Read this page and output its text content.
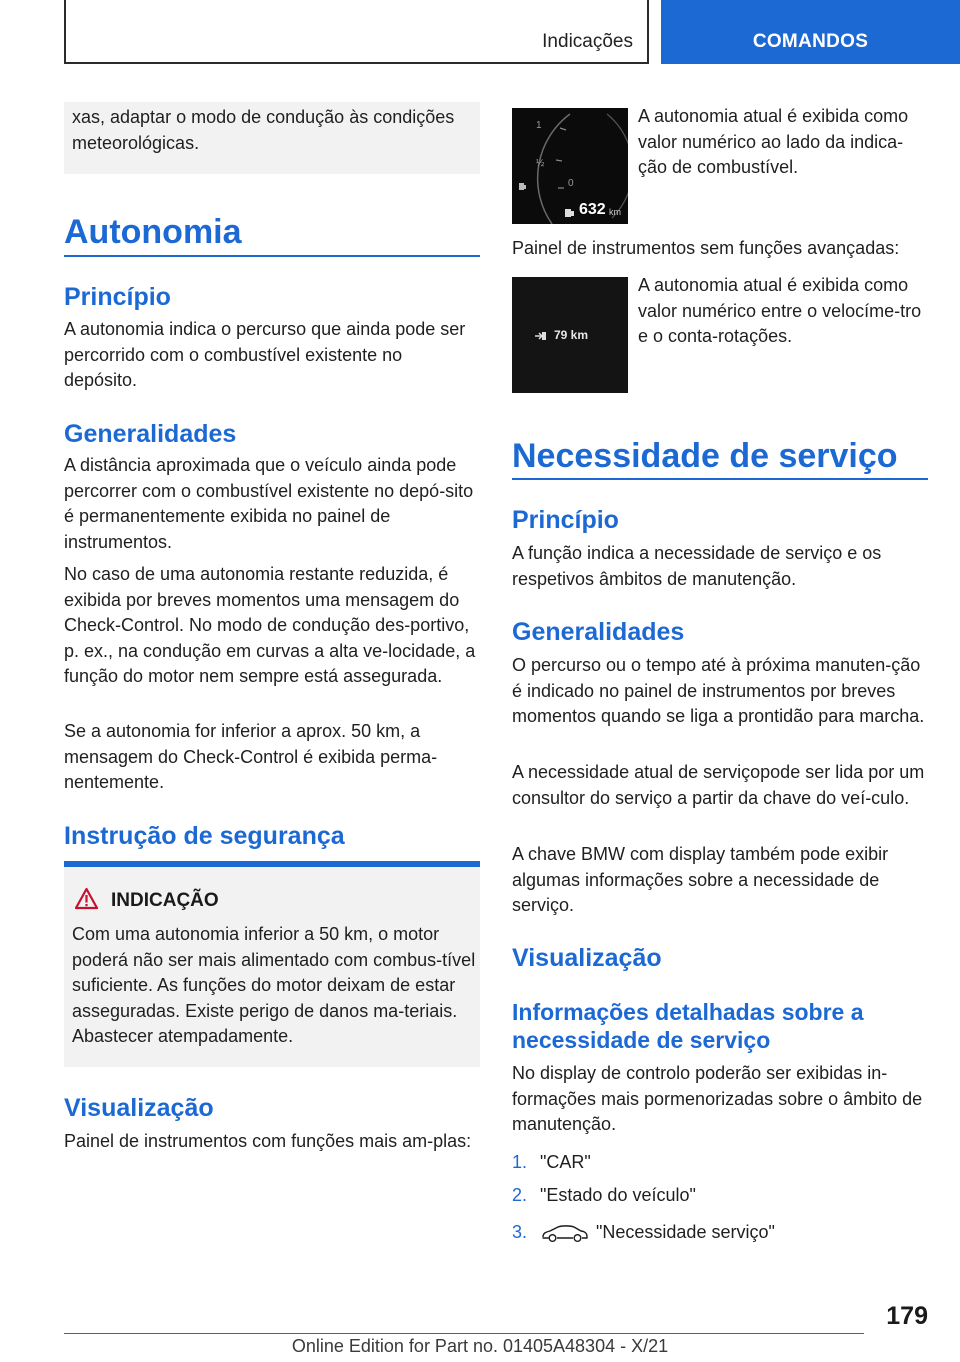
Indicações	COMANDOS

xas, adaptar o modo de condução às condições meteorológicas.

Autonomia
Princípio

A autonomia indica o percurso que ainda pode ser percorrido com o combustível existente no depósito.

Generalidades

A distância aproximada que o veículo ainda pode percorrer com o combustível existente no depó-sito é permanentemente exibida no painel de instrumentos.

No caso de uma autonomia restante reduzida, é exibida por breves momentos uma mensagem do Check-Control. No modo de condução des-portivo, p. ex., na condução em curvas a alta ve-locidade, a função do motor nem sempre está assegurada.

Se a autonomia for inferior a aprox. 50 km, a mensagem do Check-Control é exibida perma-nentemente.

Instrução de segurança
INDICAÇÃO

Com uma autonomia inferior a 50 km, o motor poderá não ser mais alimentado com combus-tível suficiente. As funções do motor deixam de estar asseguradas. Existe perigo de danos ma-teriais. Abastecer atempadamente.

Visualização

Painel de instrumentos com funções mais am-plas:

1
½
0
632 km

A autonomia atual é exibida como valor numérico ao lado da indica-ção de combustível.

Painel de instrumentos sem funções avançadas:

79 km

A autonomia atual é exibida como valor numérico entre o velocíme-tro e o conta-rotações.

Necessidade de serviço
Princípio

A função indica a necessidade de serviço e os respetivos âmbitos de manutenção.

Generalidades

O percurso ou o tempo até à próxima manuten-ção é indicado no painel de instrumentos por breves momentos quando se liga a prontidão para marcha.

A necessidade atual de serviçopode ser lida por um consultor do serviço a partir da chave do veí-culo.

A chave BMW com display também pode exibir algumas informações sobre a necessidade de serviço.

Visualização
Informações detalhadas sobre a necessidade de serviço

No display de controlo poderão ser exibidas in-formações mais pormenorizadas sobre o âmbito de manutenção.

1. "CAR"
2. "Estado do veículo"
3.	"Necessidade serviço"
179
Online Edition for Part no. 01405A48304 - X/21
